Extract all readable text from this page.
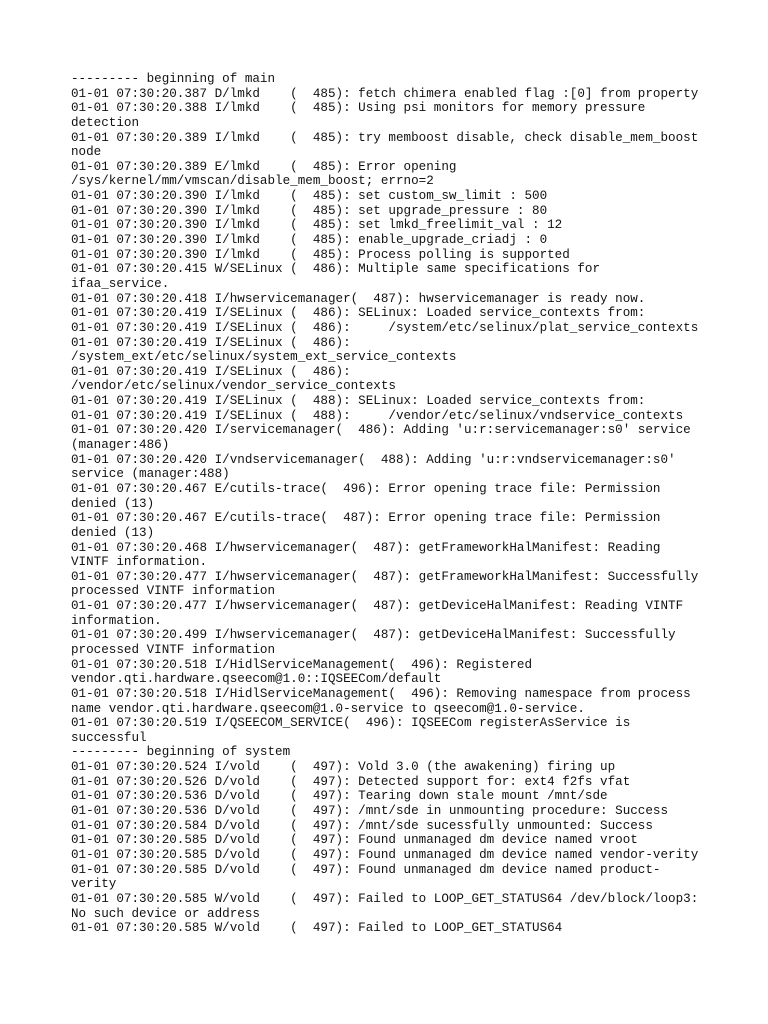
--------- beginning of main
01-01 07:30:20.387 D/lmkd    (  485): fetch chimera enabled flag :[0] from property
01-01 07:30:20.388 I/lmkd    (  485): Using psi monitors for memory pressure
detection
01-01 07:30:20.389 I/lmkd    (  485): try memboost disable, check disable_mem_boost
node
01-01 07:30:20.389 E/lmkd    (  485): Error opening
/sys/kernel/mm/vmscan/disable_mem_boost; errno=2
01-01 07:30:20.390 I/lmkd    (  485): set custom_sw_limit : 500
01-01 07:30:20.390 I/lmkd    (  485): set upgrade_pressure : 80
01-01 07:30:20.390 I/lmkd    (  485): set lmkd_freelimit_val : 12
01-01 07:30:20.390 I/lmkd    (  485): enable_upgrade_criadj : 0
01-01 07:30:20.390 I/lmkd    (  485): Process polling is supported
01-01 07:30:20.415 W/SELinux (  486): Multiple same specifications for
ifaa_service.
01-01 07:30:20.418 I/hwservicemanager(  487): hwservicemanager is ready now.
01-01 07:30:20.419 I/SELinux (  486): SELinux: Loaded service_contexts from:
01-01 07:30:20.419 I/SELinux (  486):     /system/etc/selinux/plat_service_contexts
01-01 07:30:20.419 I/SELinux (  486):
/system_ext/etc/selinux/system_ext_service_contexts
01-01 07:30:20.419 I/SELinux (  486):
/vendor/etc/selinux/vendor_service_contexts
01-01 07:30:20.419 I/SELinux (  488): SELinux: Loaded service_contexts from:
01-01 07:30:20.419 I/SELinux (  488):     /vendor/etc/selinux/vndservice_contexts
01-01 07:30:20.420 I/servicemanager(  486): Adding 'u:r:servicemanager:s0' service
(manager:486)
01-01 07:30:20.420 I/vndservicemanager(  488): Adding 'u:r:vndservicemanager:s0'
service (manager:488)
01-01 07:30:20.467 E/cutils-trace(  496): Error opening trace file: Permission
denied (13)
01-01 07:30:20.467 E/cutils-trace(  487): Error opening trace file: Permission
denied (13)
01-01 07:30:20.468 I/hwservicemanager(  487): getFrameworkHalManifest: Reading
VINTF information.
01-01 07:30:20.477 I/hwservicemanager(  487): getFrameworkHalManifest: Successfully
processed VINTF information
01-01 07:30:20.477 I/hwservicemanager(  487): getDeviceHalManifest: Reading VINTF
information.
01-01 07:30:20.499 I/hwservicemanager(  487): getDeviceHalManifest: Successfully
processed VINTF information
01-01 07:30:20.518 I/HidlServiceManagement(  496): Registered
vendor.qti.hardware.qseecom@1.0::IQSEECom/default
01-01 07:30:20.518 I/HidlServiceManagement(  496): Removing namespace from process
name vendor.qti.hardware.qseecom@1.0-service to qseecom@1.0-service.
01-01 07:30:20.519 I/QSEECOM_SERVICE(  496): IQSEECom registerAsService is
successful
--------- beginning of system
01-01 07:30:20.524 I/vold    (  497): Vold 3.0 (the awakening) firing up
01-01 07:30:20.526 D/vold    (  497): Detected support for: ext4 f2fs vfat
01-01 07:30:20.536 D/vold    (  497): Tearing down stale mount /mnt/sde
01-01 07:30:20.536 D/vold    (  497): /mnt/sde in unmounting procedure: Success
01-01 07:30:20.584 D/vold    (  497): /mnt/sde sucessfully unmounted: Success
01-01 07:30:20.585 D/vold    (  497): Found unmanaged dm device named vroot
01-01 07:30:20.585 D/vold    (  497): Found unmanaged dm device named vendor-verity
01-01 07:30:20.585 D/vold    (  497): Found unmanaged dm device named product-
verity
01-01 07:30:20.585 W/vold    (  497): Failed to LOOP_GET_STATUS64 /dev/block/loop3:
No such device or address
01-01 07:30:20.585 W/vold    (  497): Failed to LOOP_GET_STATUS64
